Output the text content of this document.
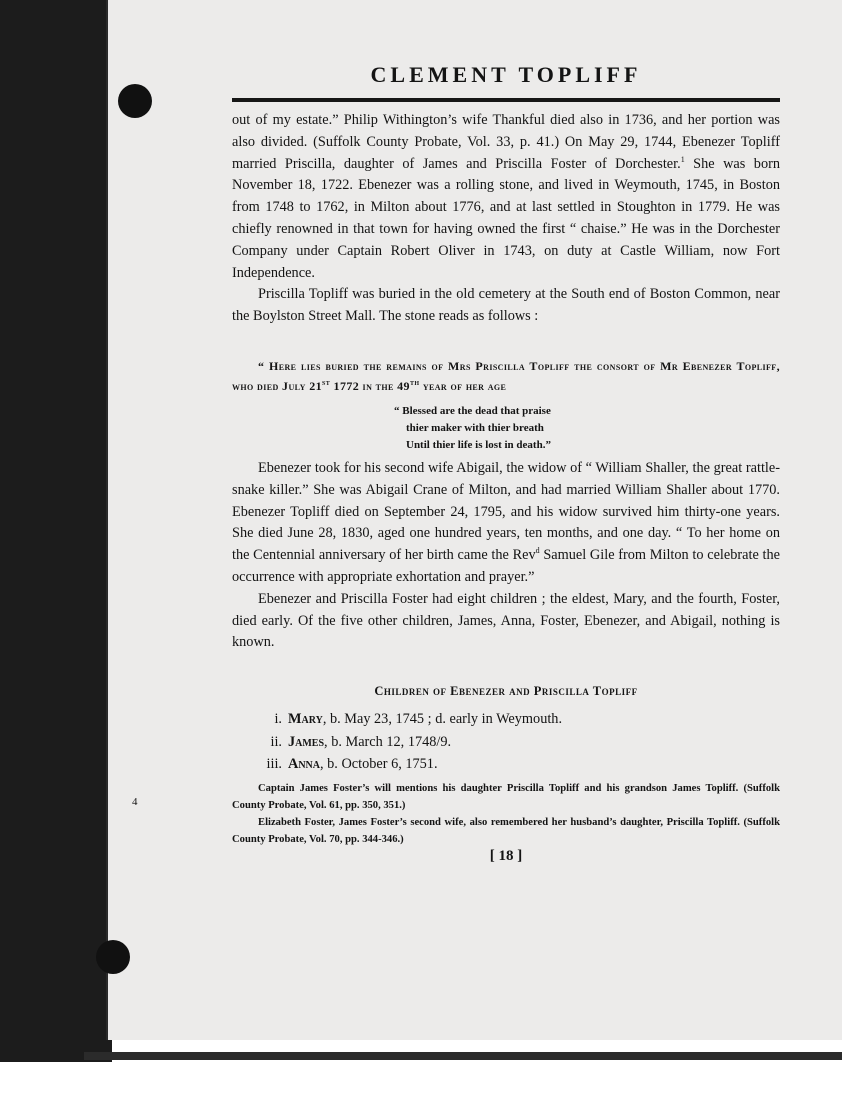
CLEMENT TOPLIFF

out of my estate.” Philip Withington’s wife Thankful died also in 1736, and her portion was also divided. (Suffolk County Probate, Vol. 33, p. 41.) On May 29, 1744, Ebenezer Topliff married Priscilla, daughter of James and Priscilla Foster of Dorchester.$^1$ She was born November 18, 1722. Ebenezer was a rolling stone, and lived in Weymouth, 1745, in Boston from 1748 to 1762, in Milton about 1776, and at last settled in Stoughton in 1779. He was chiefly renowned in that town for having owned the first “ chaise.” He was in the Dorchester Company under Captain Robert Oliver in 1743, on duty at Castle William, now Fort Independence.

Priscilla Topliff was buried in the old cemetery at the South end of Boston Common, near the Boylston Street Mall. The stone reads as follows :

“ Here lies buried the remains of Mrs Priscilla Topliff the consort of Mr Ebenezer Topliff, who died July 21st 1772 in the 49th year of her age
“ Blessed are the dead that praise
thier maker with thier breath
Until thier life is lost in death.”

Ebenezer took for his second wife Abigail, the widow of “ William Shaller, the great rattle-snake killer.” She was Abigail Crane of Milton, and had married William Shaller about 1770. Ebenezer Topliff died on September 24, 1795, and his widow survived him thirty-one years. She died June 28, 1830, aged one hundred years, ten months, and one day. “ To her home on the Centennial anniversary of her birth came the Rev$^d$ Samuel Gile from Milton to celebrate the occurrence with appropriate exhortation and prayer.”

Ebenezer and Priscilla Foster had eight children ; the eldest, Mary, and the fourth, Foster, died early. Of the five other children, James, Anna, Foster, Ebenezer, and Abigail, nothing is known.

Children of Ebenezer and Priscilla Topliff
i. Mary, b. May 23, 1745 ; d. early in Weymouth.
ii. James, b. March 12, 1748/9.
iii. Anna, b. October 6, 1751.

Captain James Foster’s will mentions his daughter Priscilla Topliff and his grandson James Topliff. (Suffolk County Probate, Vol. 61, pp. 350, 351.)

Elizabeth Foster, James Foster’s second wife, also remembered her husband’s daughter, Priscilla Topliff. (Suffolk County Probate, Vol. 70, pp. 344-346.)

4
[ 18 ]
